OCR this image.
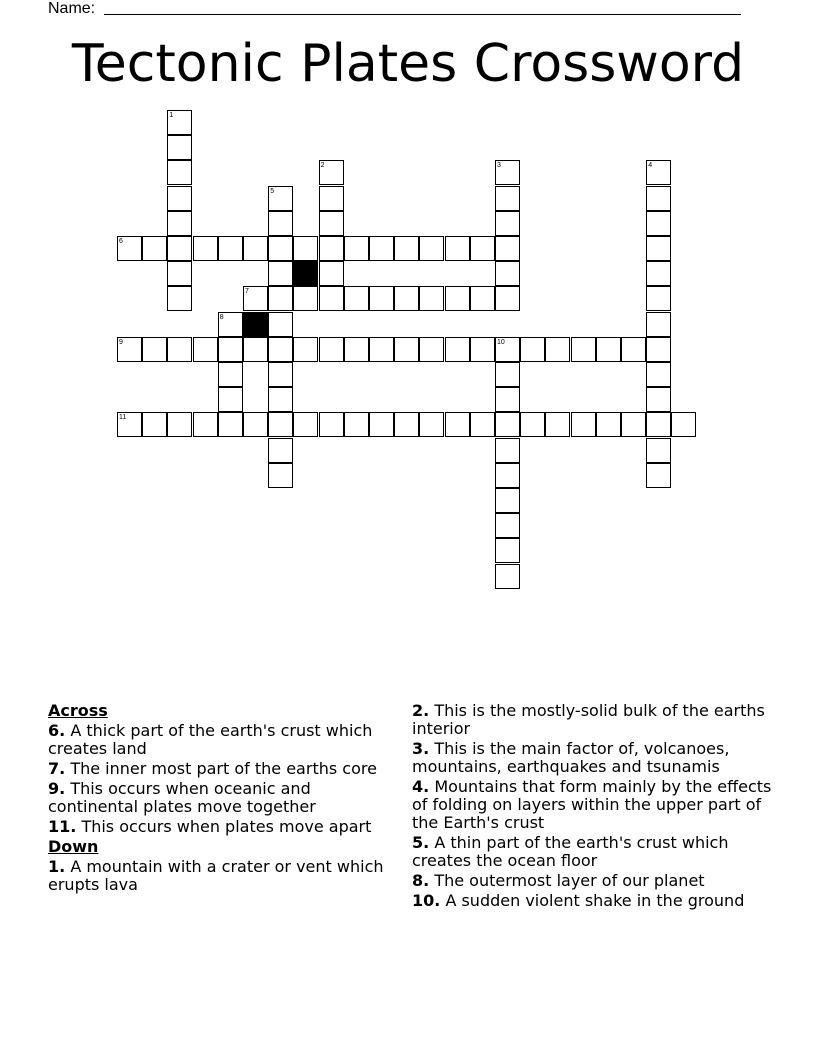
Name:
Tectonic Plates Crossword
1
2	3	4
5
6
7
8
9	10
11
Across
6. A thick part of the earth's crust which creates land
7. The inner most part of the earths core
9. This occurs when oceanic and continental plates move together
11. This occurs when plates move apart
Down
1. A mountain with a crater or vent which erupts lava
2. This is the mostly-solid bulk of the earths interior
3. This is the main factor of, volcanoes, mountains, earthquakes and tsunamis
4. Mountains that form mainly by the effects of folding on layers within the upper part of the Earth's crust
5. A thin part of the earth's crust which creates the ocean floor
8. The outermost layer of our planet
10. A sudden violent shake in the ground
